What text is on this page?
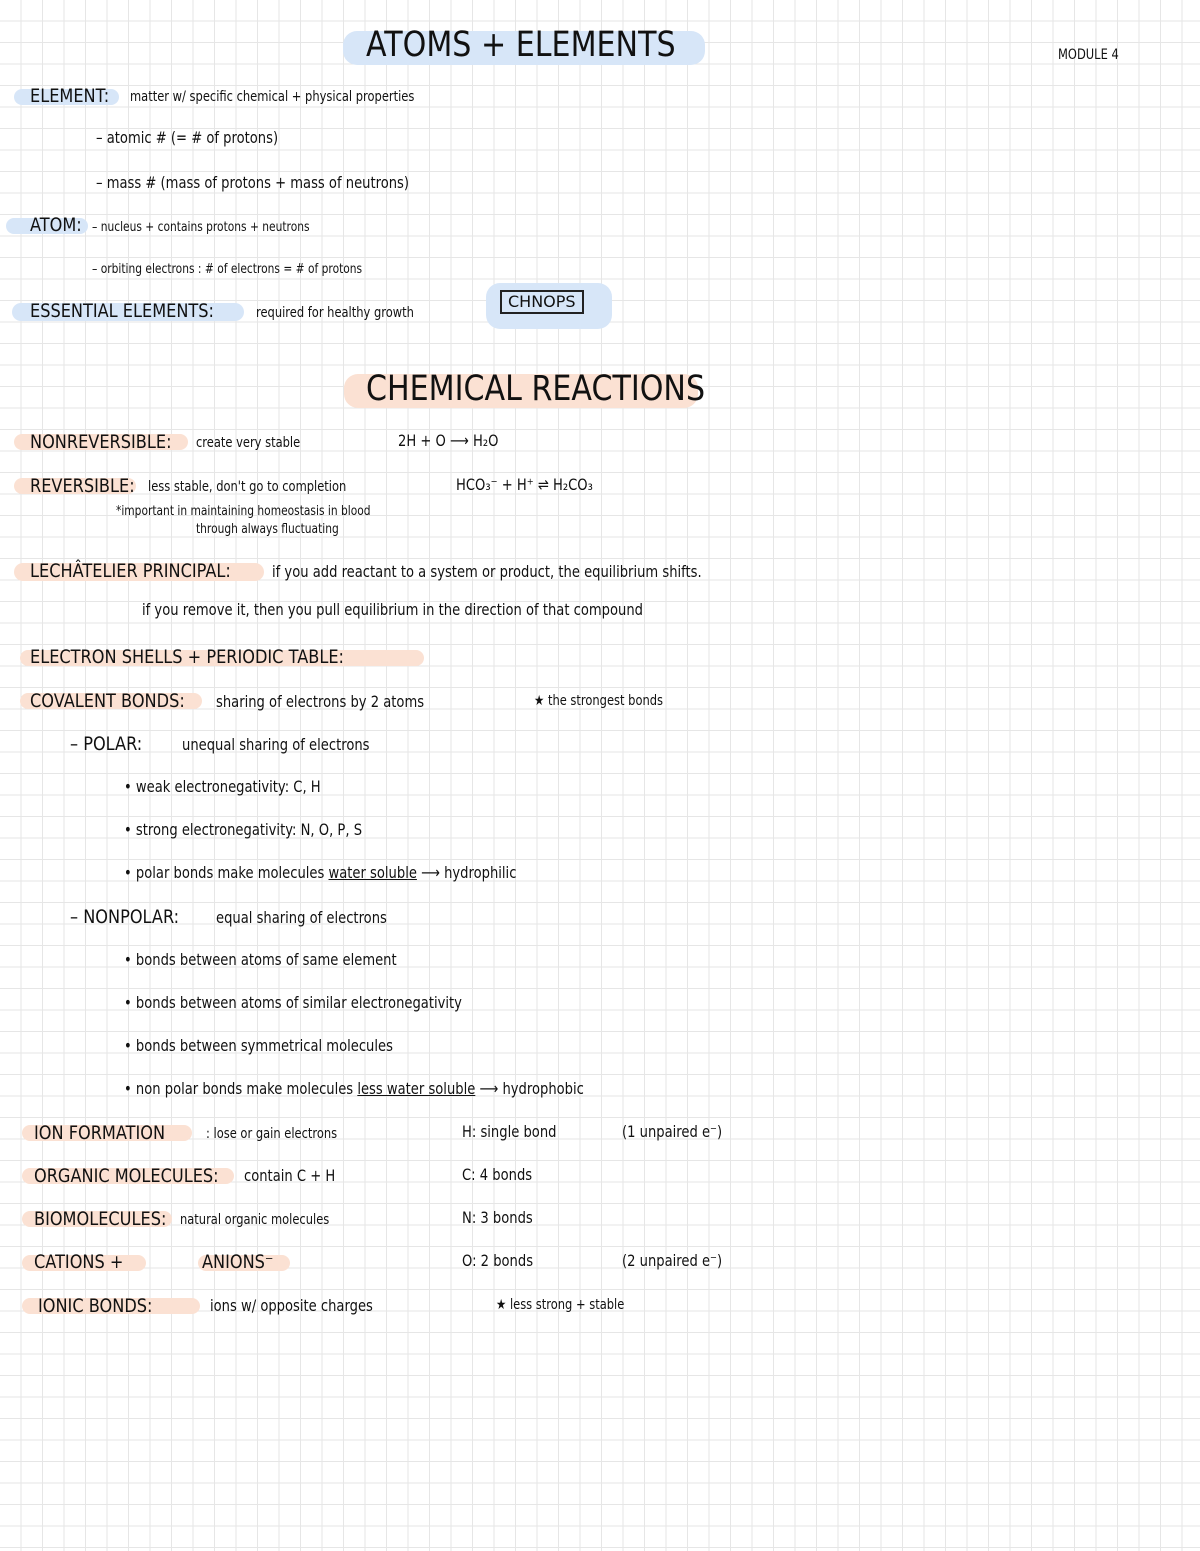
MODULE 4
ATOMS + ELEMENTS
ELEMENT: matter w/ specific chemical + physical properties
– atomic # (= # of protons)
– mass # (mass of protons + mass of neutrons)
ATOM: – nucleus + contains protons + neutrons
– orbiting electrons : # of electrons = # of protons
ESSENTIAL ELEMENTS:	required for healthy growth
CHNOPS
CHEMICAL REACTIONS
NONREVERSIBLE: create very stable	2H + O ⟶ H₂O
REVERSIBLE: less stable, don't go to completion	HCO₃⁻ + H⁺ ⇌ H₂CO₃
*important in maintaining homeostasis in blood
through always fluctuating
LECHÂTELIER PRINCIPAL:	if you add reactant to a system or product, the equilibrium shifts.
if you remove it, then you pull equilibrium in the direction of that compound
ELECTRON SHELLS + PERIODIC TABLE:
COVALENT BONDS: sharing of electrons by 2 atoms	★ the strongest bonds
– POLAR: unequal sharing of electrons
• weak electronegativity: C, H
• strong electronegativity: N, O, P, S
• polar bonds make molecules water soluble ⟶ hydrophilic
– NONPOLAR: equal sharing of electrons
• bonds between atoms of same element
• bonds between atoms of similar electronegativity
• bonds between symmetrical molecules
• non polar bonds make molecules less water soluble ⟶ hydrophobic
ION FORMATION	: lose or gain electrons	H: single bond	(1 unpaired e⁻)
ORGANIC MOLECULES: contain C + H	C: 4 bonds
BIOMOLECULES: natural organic molecules	N: 3 bonds
CATIONS +	ANIONS⁻	O: 2 bonds	(2 unpaired e⁻)
IONIC BONDS:	ions w/ opposite charges	★ less strong + stable
